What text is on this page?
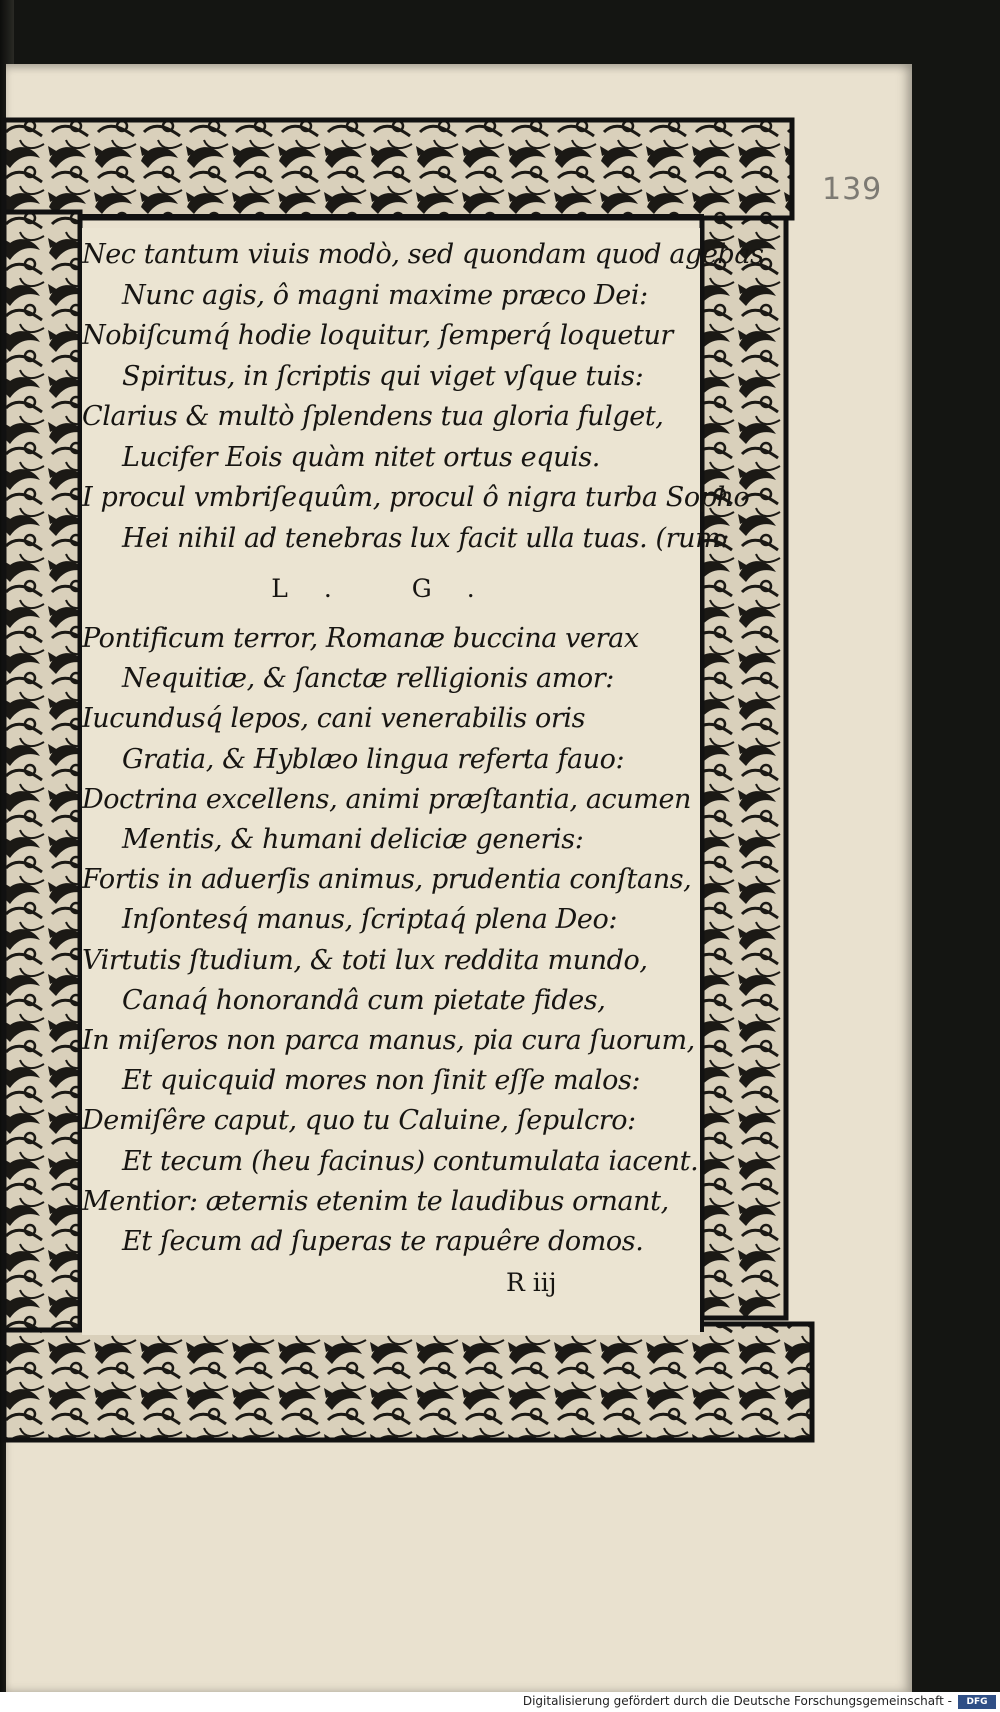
Nec tantum viuis modò, sed quondam quod agebas
Nunc agis, ô magni maxime præco Dei:
Nobiſcumq́ hodie loquitur, ſemperq́ loquetur
Spiritus, in ſcriptis qui viget vſque tuis:
Clarius & multò ſplendens tua gloria fulget,
Lucifer Eois quàm nitet ortus equis.
I procul vmbriſequûm, procul ô nigra turba Sopho
Hei nihil ad tenebras lux facit ulla tuas. (rum:
L. G.
Pontificum terror, Romanæ buccina verax
Nequitiæ, & ſanctæ relligionis amor:
Iucundusq́ lepos, cani venerabilis oris
Gratia, & Hyblæo lingua referta fauo:
Doctrina excellens, animi præſtantia, acumen
Mentis, & humani deliciæ generis:
Fortis in aduerſis animus, prudentia conſtans,
Inſontesq́ manus, ſcriptaq́ plena Deo:
Virtutis ſtudium, & toti lux reddita mundo,
Canaq́ honorandâ cum pietate fides,
In miſeros non parca manus, pia cura ſuorum,
Et quicquid mores non ſinit eſſe malos:
Demiſêre caput, quo tu Caluine, ſepulcro:
Et tecum (heu facinus) contumulata iacent.
Mentior: æternis etenim te laudibus ornant,
Et ſecum ad ſuperas te rapuêre domos.
R iij
139
Digitalisierung gefördert durch die Deutsche Forschungsgemeinschaft -	DFG
